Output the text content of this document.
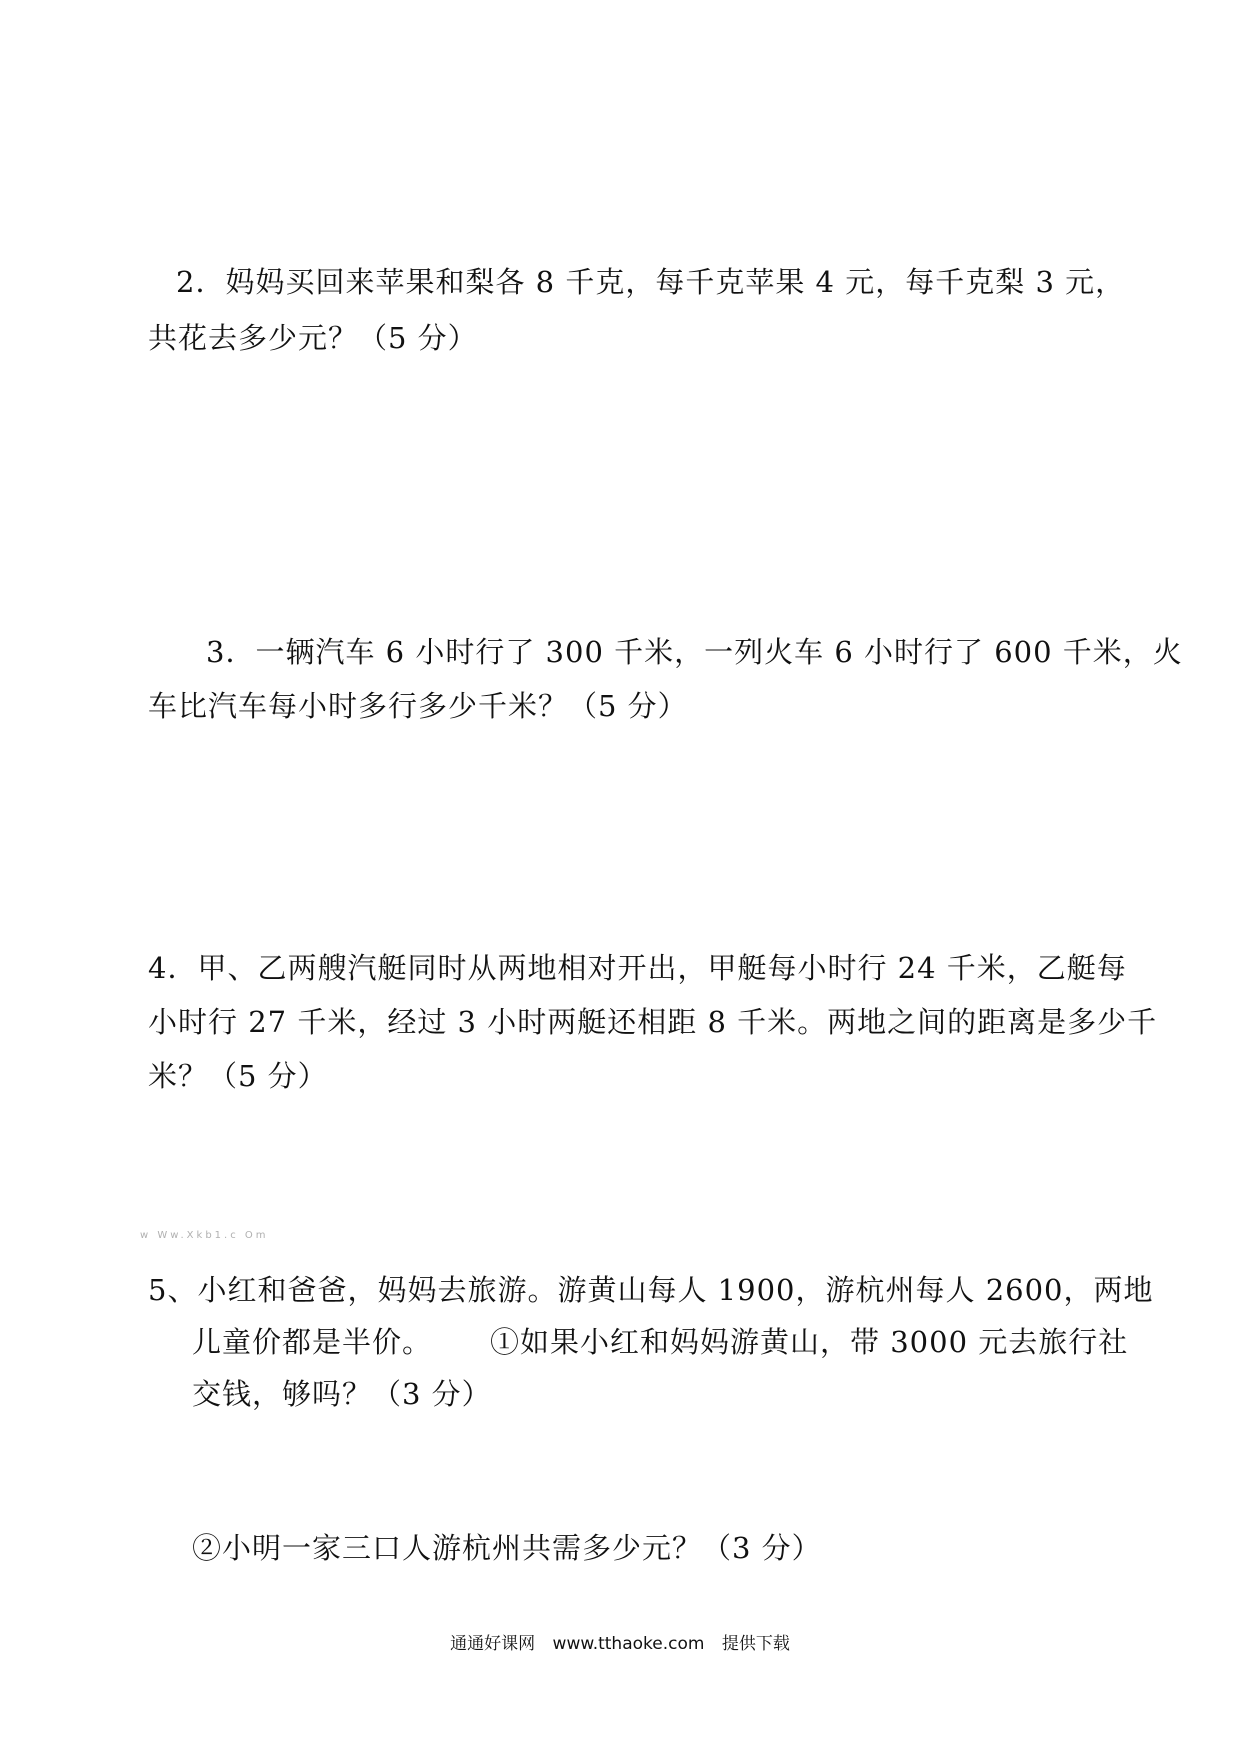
2．妈妈买回来苹果和梨各 8 千克，每千克苹果 4 元，每千克梨 3 元，
共花去多少元？（5 分）
3．一辆汽车 6 小时行了 300 千米，一列火车 6 小时行了 600 千米，火
车比汽车每小时多行多少千米？（5 分）
4．甲、乙两艘汽艇同时从两地相对开出，甲艇每小时行 24 千米，乙艇每
小时行 27 千米，经过 3 小时两艇还相距 8 千米。两地之间的距离是多少千
米？（5 分）
w Ww.Xkb1.c Om
5、小红和爸爸，妈妈去旅游。游黄山每人 1900，游杭州每人 2600，两地
儿童价都是半价。 ①如果小红和妈妈游黄山，带 3000 元去旅行社
交钱，够吗？（3 分）
②小明一家三口人游杭州共需多少元？（3 分）
通通好课网 www.tthaoke.com 提供下载
